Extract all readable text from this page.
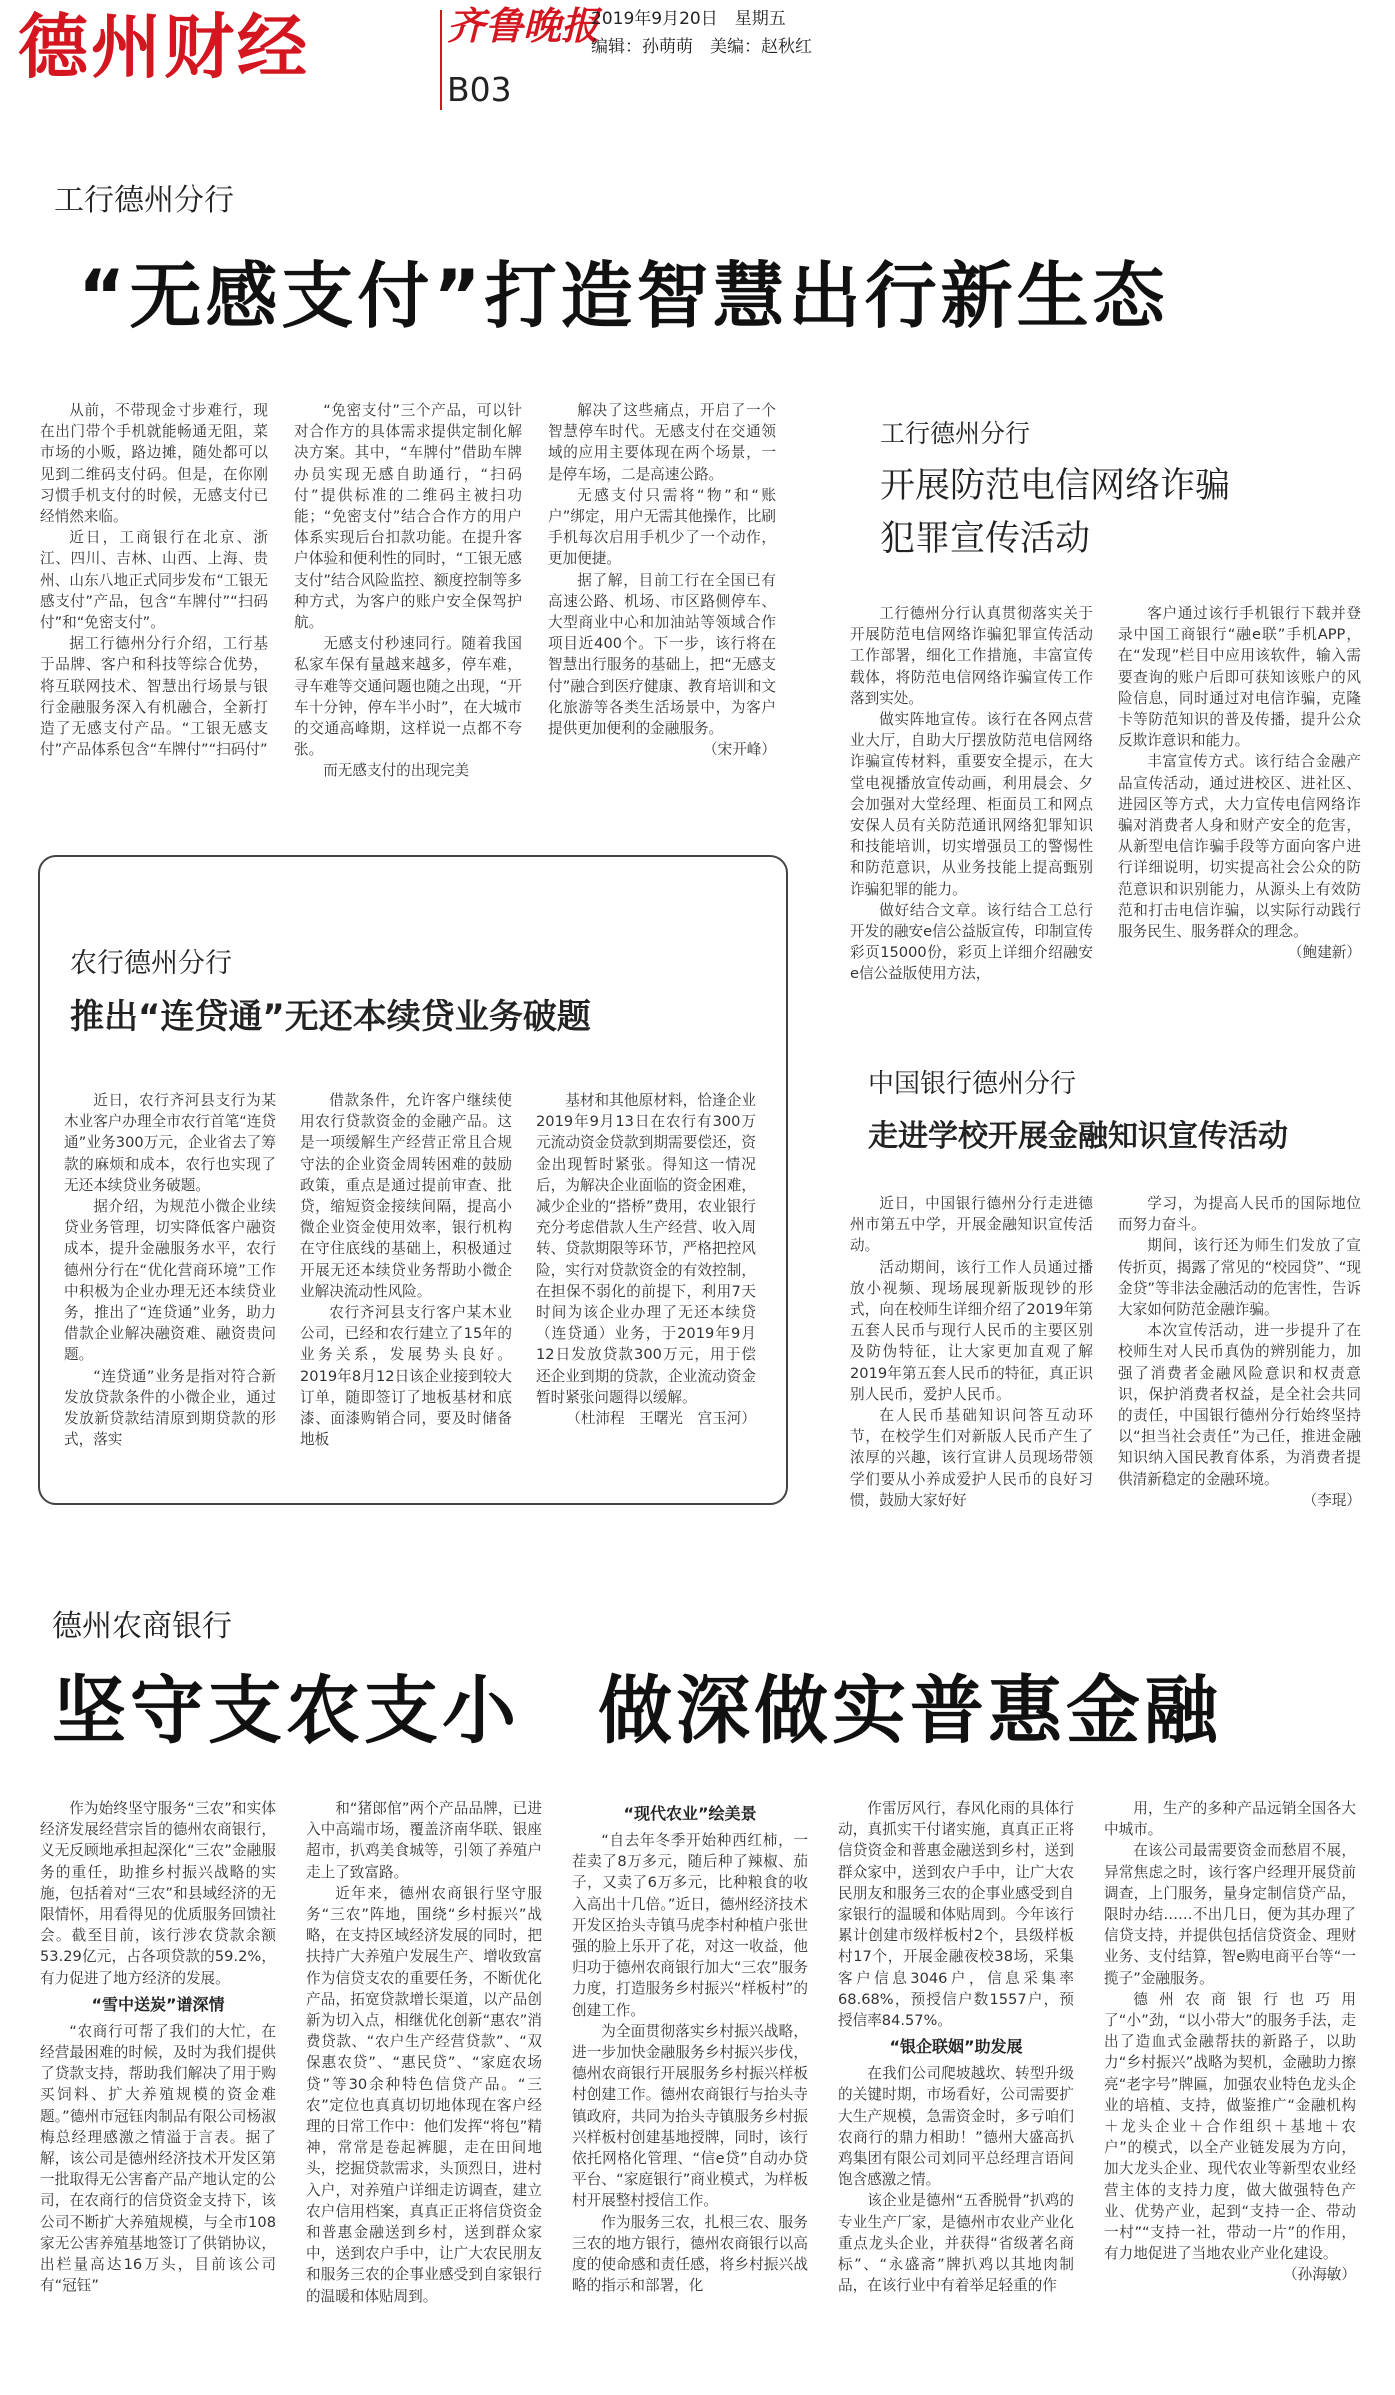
德州财经	齐鲁晚报
B03
2019年9月20日　星期五
编辑：孙萌萌　美编：赵秋红
工行德州分行
“无感支付”打造智慧出行新生态

从前，不带现金寸步难行，现在出门带个手机就能畅通无阻，菜市场的小贩，路边摊，随处都可以见到二维码支付码。但是，在你刚习惯手机支付的时候，无感支付已经悄然来临。

近日，工商银行在北京、浙江、四川、吉林、山西、上海、贵州、山东八地正式同步发布“工银无感支付”产品，包含“车牌付”“扫码付”和“免密支付”。

据工行德州分行介绍，工行基于品牌、客户和科技等综合优势，将互联网技术、智慧出行场景与银行金融服务深入有机融合，全新打造了无感支付产品。“工银无感支付”产品体系包含“车牌付”“扫码付”

“免密支付”三个产品，可以针对合作方的具体需求提供定制化解决方案。其中，“车牌付”借助车牌办员实现无感自助通行，“扫码付”提供标准的二维码主被扫功能；“免密支付”结合合作方的用户体系实现后台扣款功能。在提升客户体验和便利性的同时，“工银无感支付”结合风险监控、额度控制等多种方式，为客户的账户安全保驾护航。

无感支付秒速同行。随着我国私家车保有量越来越多，停车难，寻车难等交通问题也随之出现，“开车十分钟，停车半小时”，在大城市的交通高峰期，这样说一点都不夸张。

而无感支付的出现完美

解决了这些痛点，开启了一个智慧停车时代。无感支付在交通领域的应用主要体现在两个场景，一是停车场，二是高速公路。

无感支付只需将“物”和“账户”绑定，用户无需其他操作，比刷手机每次启用手机少了一个动作，更加便捷。

据了解，目前工行在全国已有高速公路、机场、市区路侧停车、大型商业中心和加油站等领域合作项目近400个。下一步，该行将在智慧出行服务的基础上，把“无感支付”融合到医疗健康、教育培训和文化旅游等各类生活场景中，为客户提供更加便利的金融服务。

（宋开峰）
工行德州分行
开展防范电信网络诈骗
犯罪宣传活动

工行德州分行认真贯彻落实关于开展防范电信网络诈骗犯罪宣传活动工作部署，细化工作措施，丰富宣传载体，将防范电信网络诈骗宣传工作落到实处。

做实阵地宣传。该行在各网点营业大厅，自助大厅摆放防范电信网络诈骗宣传材料，重要安全提示，在大堂电视播放宣传动画，利用晨会、夕会加强对大堂经理、柜面员工和网点安保人员有关防范通讯网络犯罪知识和技能培训，切实增强员工的警惕性和防范意识，从业务技能上提高甄别诈骗犯罪的能力。

做好结合文章。该行结合工总行开发的融安e信公益版宣传，印制宣传彩页15000份，彩页上详细介绍融安e信公益版使用方法，

客户通过该行手机银行下载并登录中国工商银行“融e联”手机APP，在“发现”栏目中应用该软件，输入需要查询的账户后即可获知该账户的风险信息，同时通过对电信诈骗，克隆卡等防范知识的普及传播，提升公众反欺诈意识和能力。

丰富宣传方式。该行结合金融产品宣传活动，通过进校区、进社区、进园区等方式，大力宣传电信网络诈骗对消费者人身和财产安全的危害，从新型电信诈骗手段等方面向客户进行详细说明，切实提高社会公众的防范意识和识别能力，从源头上有效防范和打击电信诈骗，以实际行动践行服务民生、服务群众的理念。

（鲍建新）
农行德州分行
推出“连贷通”无还本续贷业务破题

近日，农行齐河县支行为某木业客户办理全市农行首笔“连贷通”业务300万元，企业省去了筹款的麻烦和成本，农行也实现了无还本续贷业务破题。

据介绍，为规范小微企业续贷业务管理，切实降低客户融资成本，提升金融服务水平，农行德州分行在“优化营商环境”工作中积极为企业办理无还本续贷业务，推出了“连贷通”业务，助力借款企业解决融资难、融资贵问题。

“连贷通”业务是指对符合新发放贷款条件的小微企业，通过发放新贷款结清原到期贷款的形式，落实

借款条件，允许客户继续使用农行贷款资金的金融产品。这是一项缓解生产经营正常且合规守法的企业资金周转困难的鼓励政策，重点是通过提前审查、批贷，缩短资金接续间隔，提高小微企业资金使用效率，银行机构在守住底线的基础上，积极通过开展无还本续贷业务帮助小微企业解决流动性风险。

农行齐河县支行客户某木业公司，已经和农行建立了15年的业务关系，发展势头良好。2019年8月12日该企业接到较大订单，随即签订了地板基材和底漆、面漆购销合同，要及时储备地板

基材和其他原材料，恰逢企业2019年9月13日在农行有300万元流动资金贷款到期需要偿还，资金出现暂时紧张。得知这一情况后，为解决企业面临的资金困难，减少企业的“搭桥”费用，农业银行充分考虑借款人生产经营、收入周转、贷款期限等环节，严格把控风险，实行对贷款资金的有效控制，在担保不弱化的前提下，利用7天时间为该企业办理了无还本续贷（连贷通）业务，于2019年9月12日发放贷款300万元，用于偿还企业到期的贷款，企业流动资金暂时紧张问题得以缓解。

（杜沛程　王曙光　宫玉河）
中国银行德州分行
走进学校开展金融知识宣传活动

近日，中国银行德州分行走进德州市第五中学，开展金融知识宣传活动。

活动期间，该行工作人员通过播放小视频、现场展现新版现钞的形式，向在校师生详细介绍了2019年第五套人民币与现行人民币的主要区别及防伪特征，让大家更加直观了解2019年第五套人民币的特征，真正识别人民币，爱护人民币。

在人民币基础知识问答互动环节，在校学生们对新版人民币产生了浓厚的兴趣，该行宣讲人员现场带领学们要从小养成爱护人民币的良好习惯，鼓励大家好好

学习，为提高人民币的国际地位而努力奋斗。

期间，该行还为师生们发放了宣传折页，揭露了常见的“校园贷”、“现金贷”等非法金融活动的危害性，告诉大家如何防范金融诈骗。

本次宣传活动，进一步提升了在校师生对人民币真伪的辨别能力，加强了消费者金融风险意识和权责意识，保护消费者权益，是全社会共同的责任，中国银行德州分行始终坚持以“担当社会责任”为己任，推进金融知识纳入国民教育体系，为消费者提供清新稳定的金融环境。

（李琨）
德州农商银行
坚守支农支小　做深做实普惠金融

作为始终坚守服务“三农”和实体经济发展经营宗旨的德州农商银行，义无反顾地承担起深化“三农”金融服务的重任，助推乡村振兴战略的实施，包括着对“三农”和县域经济的无限情怀，用看得见的优质服务回馈社会。截至目前，该行涉农贷款余额53.29亿元，占各项贷款的59.2%，有力促进了地方经济的发展。

“雪中送炭”谱深情

“农商行可帮了我们的大忙，在经营最困难的时候，及时为我们提供了贷款支持，帮助我们解决了用于购买饲料、扩大养殖规模的资金难题。”德州市冠钰肉制品有限公司杨淑梅总经理感激之情溢于言表。据了解，该公司是德州经济技术开发区第一批取得无公害畜产品产地认定的公司，在农商行的信贷资金支持下，该公司不断扩大养殖规模，与全市108家无公害养殖基地签订了供销协议，出栏量高达16万头，目前该公司有“冠钰”

和“猪郎倌”两个产品品牌，已进入中高端市场，覆盖济南华联、银座超市，扒鸡美食城等，引领了养殖户走上了致富路。

近年来，德州农商银行坚守服务“三农”阵地，围绕“乡村振兴”战略，在支持区域经济发展的同时，把扶持广大养殖户发展生产、增收致富作为信贷支农的重要任务，不断优化产品，拓宽贷款增长渠道，以产品创新为切入点，相继优化创新“惠农”消费贷款、“农户生产经营贷款”、“双保惠农贷”、“惠民贷”、“家庭农场贷”等30余种特色信贷产品。“三农”定位也真真切切地体现在客户经理的日常工作中：他们发挥“将包”精神，常常是卷起裤腿，走在田间地头，挖掘贷款需求，头顶烈日，进村入户，对养殖户详细走访调查，建立农户信用档案，真真正正将信贷资金和普惠金融送到乡村，送到群众家中，送到农户手中，让广大农民朋友和服务三农的企事业感受到自家银行的温暖和体贴周到。

“现代农业”绘美景

“自去年冬季开始种西红柿，一茬卖了8万多元，随后种了辣椒、茄子，又卖了6万多元，比种粮食的收入高出十几倍。”近日，德州经济技术开发区抬头寺镇马虎李村种植户张世强的脸上乐开了花，对这一收益，他归功于德州农商银行加大“三农”服务力度，打造服务乡村振兴“样板村”的创建工作。

为全面贯彻落实乡村振兴战略，进一步加快金融服务乡村振兴步伐，德州农商银行开展服务乡村振兴样板村创建工作。德州农商银行与抬头寺镇政府，共同为抬头寺镇服务乡村振兴样板村创建基地授牌，同时，该行依托网格化管理、“信e贷”自动办贷平台、“家庭银行”商业模式，为样板村开展整村授信工作。

作为服务三农，扎根三农、服务三农的地方银行，德州农商银行以高度的使命感和责任感，将乡村振兴战略的指示和部署，化

作雷厉风行，春风化雨的具体行动，真抓实干付诸实施，真真正正将信贷资金和普惠金融送到乡村，送到群众家中，送到农户手中，让广大农民朋友和服务三农的企事业感受到自家银行的温暖和体贴周到。今年该行累计创建市级样板村2个，县级样板村17个，开展金融夜校38场，采集客户信息3046户，信息采集率68.68%，预授信户数1557户，预授信率84.57%。

“银企联姻”助发展

在我们公司爬坡越坎、转型升级的关键时期，市场看好，公司需要扩大生产规模，急需资金时，多亏咱们农商行的鼎力相助！”德州大盛高扒鸡集团有限公司刘同平总经理言语间饱含感激之情。

该企业是德州“五香脱骨”扒鸡的专业生产厂家，是德州市农业产业化重点龙头企业，并获得“省级著名商标”、“永盛斋”牌扒鸡以其地肉制品，在该行业中有着举足轻重的作

用，生产的多种产品远销全国各大中城市。

在该公司最需要资金而愁眉不展，异常焦虑之时，该行客户经理开展贷前调查，上门服务，量身定制信贷产品，限时办结……不出几日，便为其办理了信贷支持，并提供包括信贷资金、理财业务、支付结算，智e购电商平台等“一揽子”金融服务。

德州农商银行也巧用了“小”劲，“以小带大”的服务手法，走出了造血式金融帮扶的新路子，以助力“乡村振兴”战略为契机，金融助力擦亮“老字号”牌匾，加强农业特色龙头企业的培植、支持，做鉴推广“金融机构＋龙头企业＋合作组织＋基地＋农户”的模式，以全产业链发展为方向，加大龙头企业、现代农业等新型农业经营主体的支持力度，做大做强特色产业、优势产业，起到“支持一企、带动一村”“支持一社，带动一片”的作用，有力地促进了当地农业产业化建设。

（孙海敏）
